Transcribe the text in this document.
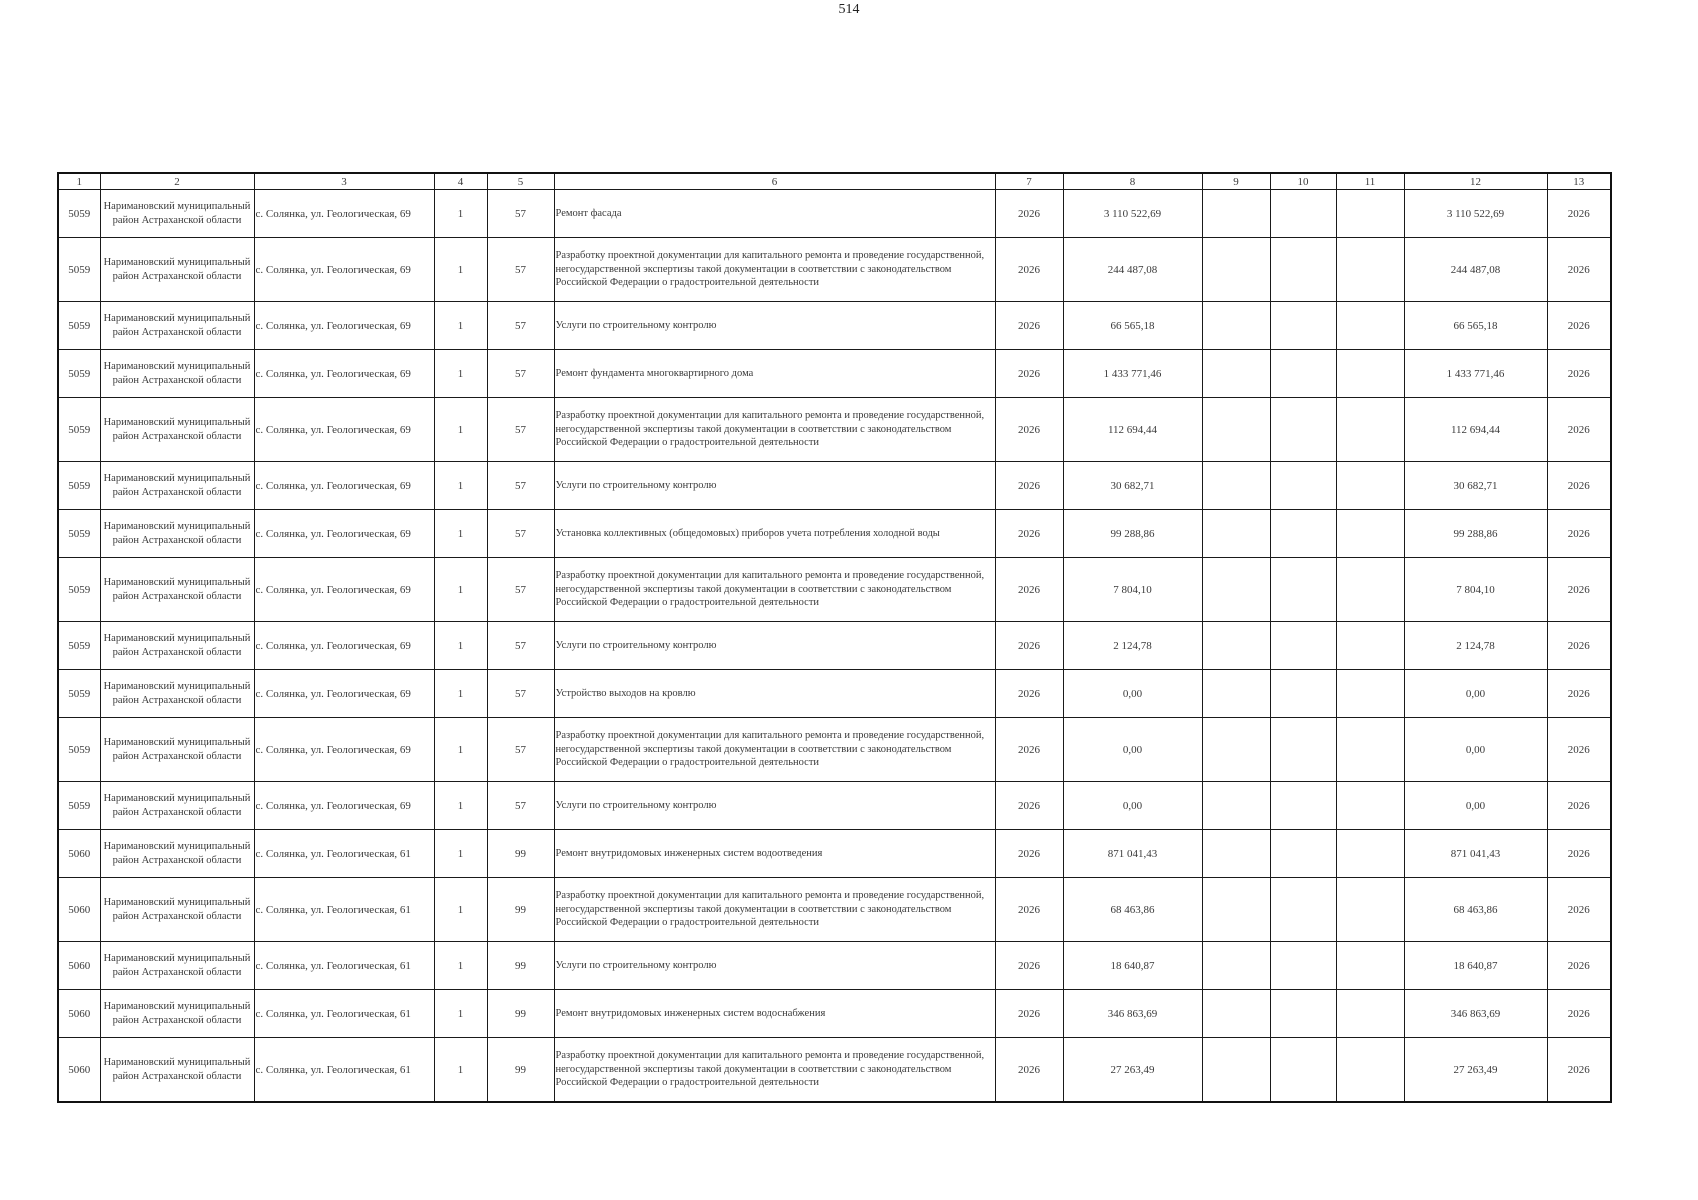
514
1	2	3	4	5	6	7	8	9	10	11	12	13
5059	Наримановский муниципальный район Астраханской области	с. Солянка, ул. Геологическая, 69	1	57	Ремонт фасада	2026	3 110 522,69				3 110 522,69	2026
5059	Наримановский муниципальный район Астраханской области	с. Солянка, ул. Геологическая, 69	1	57	Разработку проектной документации для капитального ремонта и проведение государственной, негосударственной экспертизы такой документации в соответствии с законодательством Российской Федерации о градостроительной деятельности	2026	244 487,08				244 487,08	2026
5059	Наримановский муниципальный район Астраханской области	с. Солянка, ул. Геологическая, 69	1	57	Услуги по строительному контролю	2026	66 565,18				66 565,18	2026
5059	Наримановский муниципальный район Астраханской области	с. Солянка, ул. Геологическая, 69	1	57	Ремонт фундамента многоквартирного дома	2026	1 433 771,46				1 433 771,46	2026
5059	Наримановский муниципальный район Астраханской области	с. Солянка, ул. Геологическая, 69	1	57	Разработку проектной документации для капитального ремонта и проведение государственной, негосударственной экспертизы такой документации в соответствии с законодательством Российской Федерации о градостроительной деятельности	2026	112 694,44				112 694,44	2026
5059	Наримановский муниципальный район Астраханской области	с. Солянка, ул. Геологическая, 69	1	57	Услуги по строительному контролю	2026	30 682,71				30 682,71	2026
5059	Наримановский муниципальный район Астраханской области	с. Солянка, ул. Геологическая, 69	1	57	Установка коллективных (общедомовых) приборов учета потребления холодной воды	2026	99 288,86				99 288,86	2026
5059	Наримановский муниципальный район Астраханской области	с. Солянка, ул. Геологическая, 69	1	57	Разработку проектной документации для капитального ремонта и проведение государственной, негосударственной экспертизы такой документации в соответствии с законодательством Российской Федерации о градостроительной деятельности	2026	7 804,10				7 804,10	2026
5059	Наримановский муниципальный район Астраханской области	с. Солянка, ул. Геологическая, 69	1	57	Услуги по строительному контролю	2026	2 124,78				2 124,78	2026
5059	Наримановский муниципальный район Астраханской области	с. Солянка, ул. Геологическая, 69	1	57	Устройство выходов на кровлю	2026	0,00				0,00	2026
5059	Наримановский муниципальный район Астраханской области	с. Солянка, ул. Геологическая, 69	1	57	Разработку проектной документации для капитального ремонта и проведение государственной, негосударственной экспертизы такой документации в соответствии с законодательством Российской Федерации о градостроительной деятельности	2026	0,00				0,00	2026
5059	Наримановский муниципальный район Астраханской области	с. Солянка, ул. Геологическая, 69	1	57	Услуги по строительному контролю	2026	0,00				0,00	2026
5060	Наримановский муниципальный район Астраханской области	с. Солянка, ул. Геологическая, 61	1	99	Ремонт внутридомовых инженерных систем водоотведения	2026	871 041,43				871 041,43	2026
5060	Наримановский муниципальный район Астраханской области	с. Солянка, ул. Геологическая, 61	1	99	Разработку проектной документации для капитального ремонта и проведение государственной, негосударственной экспертизы такой документации в соответствии с законодательством Российской Федерации о градостроительной деятельности	2026	68 463,86				68 463,86	2026
5060	Наримановский муниципальный район Астраханской области	с. Солянка, ул. Геологическая, 61	1	99	Услуги по строительному контролю	2026	18 640,87				18 640,87	2026
5060	Наримановский муниципальный район Астраханской области	с. Солянка, ул. Геологическая, 61	1	99	Ремонт внутридомовых инженерных систем водоснабжения	2026	346 863,69				346 863,69	2026
5060	Наримановский муниципальный район Астраханской области	с. Солянка, ул. Геологическая, 61	1	99	Разработку проектной документации для капитального ремонта и проведение государственной, негосударственной экспертизы такой документации в соответствии с законодательством Российской Федерации о градостроительной деятельности	2026	27 263,49				27 263,49	2026
